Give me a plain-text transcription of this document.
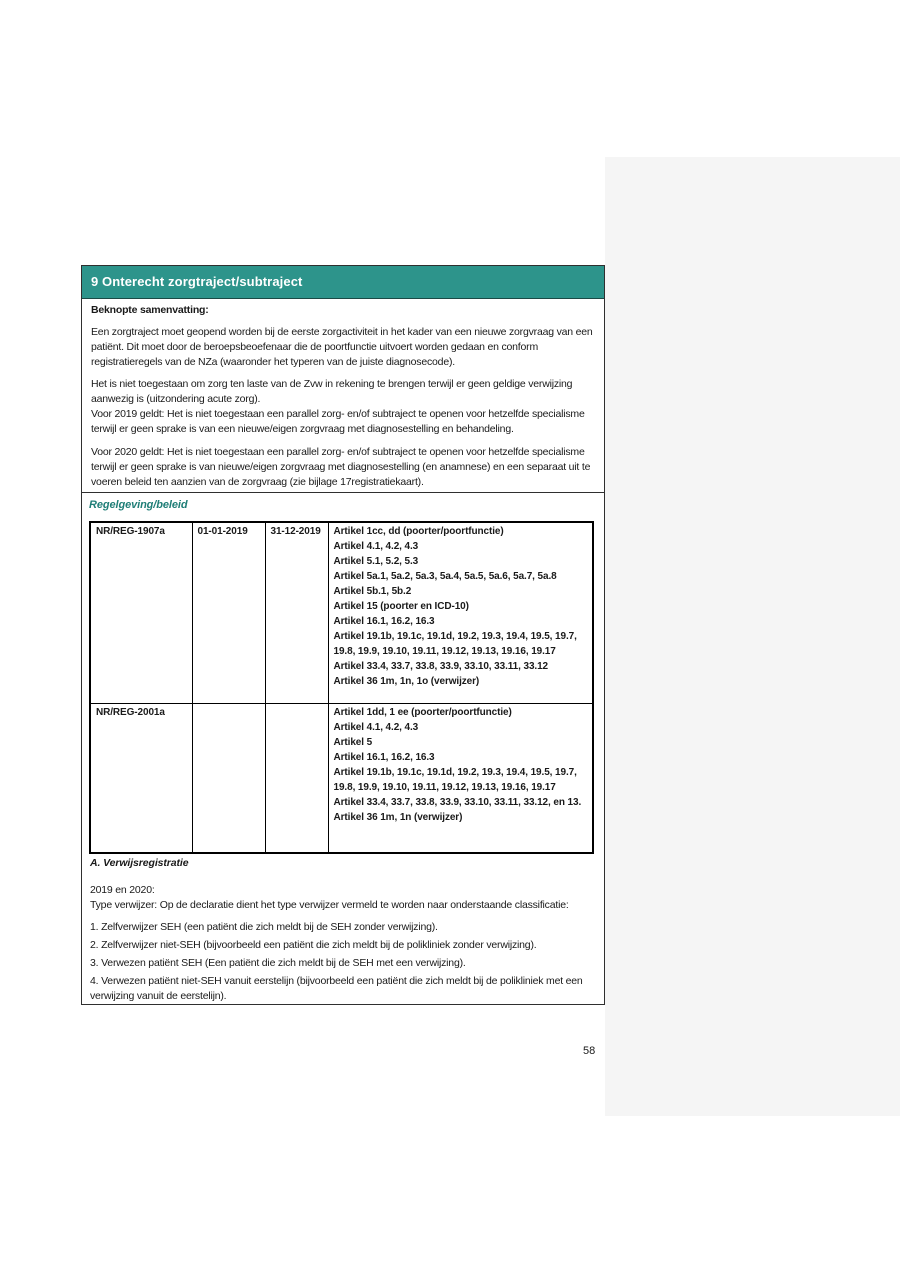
9 Onterecht zorgtraject/subtraject
Beknopte samenvatting:

Een zorgtraject moet geopend worden bij de eerste zorgactiviteit in het kader van een nieuwe zorgvraag van een patiënt. Dit moet door de beroepsbeoefenaar die de poortfunctie uitvoert worden gedaan en conform registratieregels van de NZa (waaronder het typeren van de juiste diagnosecode).

Het is niet toegestaan om zorg ten laste van de Zvw in rekening te brengen terwijl er geen geldige verwijzing aanwezig is (uitzondering acute zorg).

Voor 2019 geldt: Het is niet toegestaan een parallel zorg- en/of subtraject te openen voor hetzelfde specialisme terwijl er geen sprake is van een nieuwe/eigen zorgvraag met diagnosestelling en behandeling.

Voor 2020 geldt: Het is niet toegestaan een parallel zorg- en/of subtraject te openen voor hetzelfde specialisme terwijl er geen sprake is van nieuwe/eigen zorgvraag met diagnosestelling (en anamnese) en een separaat uit te voeren beleid ten aanzien van de zorgvraag (zie bijlage 17registratiekaart).

Regelgeving/beleid
NR/REG-1907a	01-01-2019	31-12-2019	Artikel 1cc, dd (poorter/poortfunctie)
Artikel 4.1, 4.2, 4.3
Artikel 5.1, 5.2, 5.3
Artikel 5a.1, 5a.2, 5a.3, 5a.4, 5a.5, 5a.6, 5a.7, 5a.8
Artikel 5b.1, 5b.2
Artikel 15 (poorter en ICD-10)
Artikel 16.1, 16.2, 16.3
Artikel 19.1b, 19.1c, 19.1d, 19.2, 19.3, 19.4, 19.5, 19.7, 19.8, 19.9, 19.10, 19.11, 19.12, 19.13, 19.16, 19.17
Artikel 33.4, 33.7, 33.8, 33.9, 33.10, 33.11, 33.12
Artikel 36 1m, 1n, 1o (verwijzer)

NR/REG-2001a			Artikel 1dd, 1 ee (poorter/poortfunctie)
Artikel 4.1, 4.2, 4.3
Artikel 5
Artikel 16.1, 16.2, 16.3
Artikel 19.1b, 19.1c, 19.1d, 19.2, 19.3, 19.4, 19.5, 19.7, 19.8, 19.9, 19.10, 19.11, 19.12, 19.13, 19.16, 19.17
Artikel 33.4, 33.7, 33.8, 33.9, 33.10, 33.11, 33.12, en 13.
Artikel 36 1m, 1n (verwijzer)
A. Verwijsregistratie

2019 en 2020:

Type verwijzer: Op de declaratie dient het type verwijzer vermeld te worden naar onderstaande classificatie:

1. Zelfverwijzer SEH (een patiënt die zich meldt bij de SEH zonder verwijzing).
2. Zelfverwijzer niet-SEH (bijvoorbeeld een patiënt die zich meldt bij de polikliniek zonder verwijzing).
3. Verwezen patiënt SEH (Een patiënt die zich meldt bij de SEH met een verwijzing).
4. Verwezen patiënt niet-SEH vanuit eerstelijn (bijvoorbeeld een patiënt die zich meldt bij de polikliniek met een verwijzing vanuit de eerstelijn).
58
